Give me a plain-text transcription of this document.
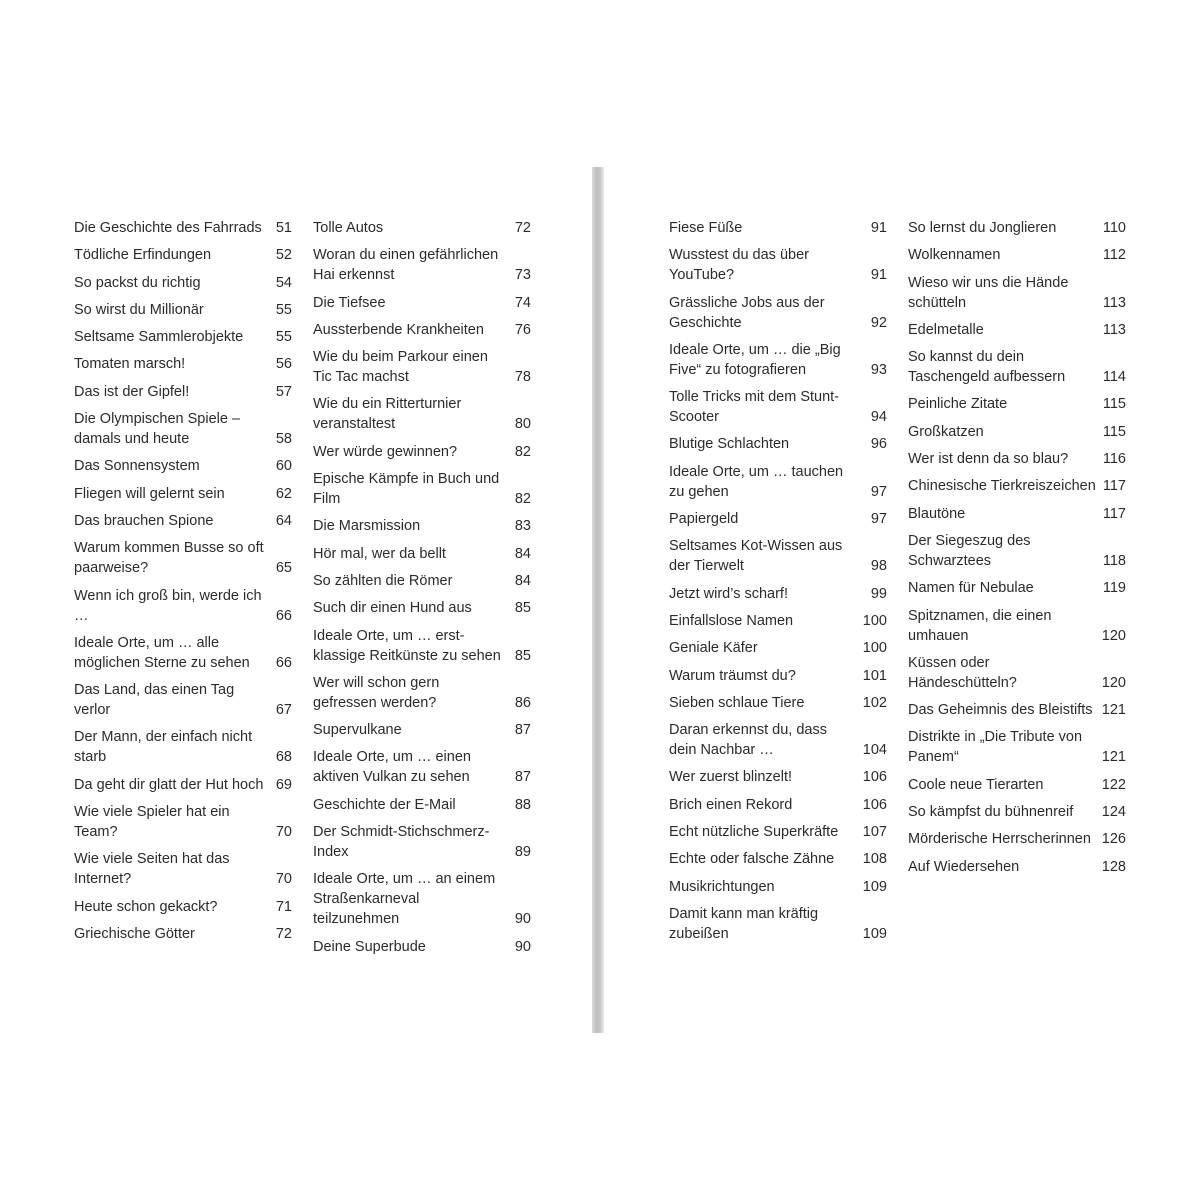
Die Geschichte des Fahrrads 51
Tödliche Erfindungen	52
So packst du richtig	54
So wirst du Millionär	55
Seltsame Sammlerobjekte	55
Tomaten marsch!	56
Das ist der Gipfel!	57
Die Olympischen Spiele – damals und heute	58
Das Sonnensystem	60
Fliegen will gelernt sein	62
Das brauchen Spione	64
Warum kommen Busse so oft paarweise?	65
Wenn ich groß bin, werde ich …	66
Ideale Orte, um … alle möglichen Sterne zu sehen	66
Das Land, das einen Tag verlor	67
Der Mann, der einfach nicht starb	68
Da geht dir glatt der Hut hoch 69
Wie viele Spieler hat ein Team?	70
Wie viele Seiten hat das Internet?	70
Heute schon gekackt?	71
Griechische Götter	72
Tolle Autos	72
Woran du einen gefährlichen Hai erkennst	73
Die Tiefsee	74
Aussterbende Krankheiten	76
Wie du beim Parkour einen Tic Tac machst	78
Wie du ein Ritterturnier veranstaltest	80
Wer würde gewinnen?	82
Epische Kämpfe in Buch und Film	82
Die Marsmission	83
Hör mal, wer da bellt	84
So zählten die Römer	84
Such dir einen Hund aus	85
Ideale Orte, um … erst-klassige Reitkünste zu sehen 85
Wer will schon gern gefressen werden?	86
Supervulkane	87
Ideale Orte, um … einen aktiven Vulkan zu sehen	87
Geschichte der E-Mail	88
Der Schmidt-Stichschmerz-Index	89
Ideale Orte, um … an einem Straßenkarneval teilzunehmen	90
Deine Superbude	90
Fiese Füße	91
Wusstest du das über YouTube?	91
Grässliche Jobs aus der Geschichte	92
Ideale Orte, um … die „Big Five“ zu fotografieren	93
Tolle Tricks mit dem Stunt-Scooter	94
Blutige Schlachten	96
Ideale Orte, um … tauchen zu gehen	97
Papiergeld	97
Seltsames Kot-Wissen aus der Tierwelt	98
Jetzt wird’s scharf!	99
Einfallslose Namen	100
Geniale Käfer	100
Warum träumst du?	101
Sieben schlaue Tiere	102
Daran erkennst du, dass dein Nachbar …	104
Wer zuerst blinzelt!	106
Brich einen Rekord	106
Echt nützliche Superkräfte	107
Echte oder falsche Zähne	108
Musikrichtungen	109
Damit kann man kräftig zubeißen	109
So lernst du Jonglieren	110
Wolkennamen	112
Wieso wir uns die Hände schütteln	113
Edelmetalle	113
So kannst du dein Taschengeld aufbessern	114
Peinliche Zitate	115
Großkatzen	115
Wer ist denn da so blau?	116
Chinesische Tierkreiszeichen 117
Blautöne	117
Der Siegeszug des Schwarztees	118
Namen für Nebulae	119
Spitznamen, die einen umhauen	120
Küssen oder Händeschütteln?	120
Das Geheimnis des Bleistifts 121
Distrikte in „Die Tribute von Panem“	121
Coole neue Tierarten	122
So kämpfst du bühnenreif	124
Mörderische Herrscherinnen 126
Auf Wiedersehen	128
